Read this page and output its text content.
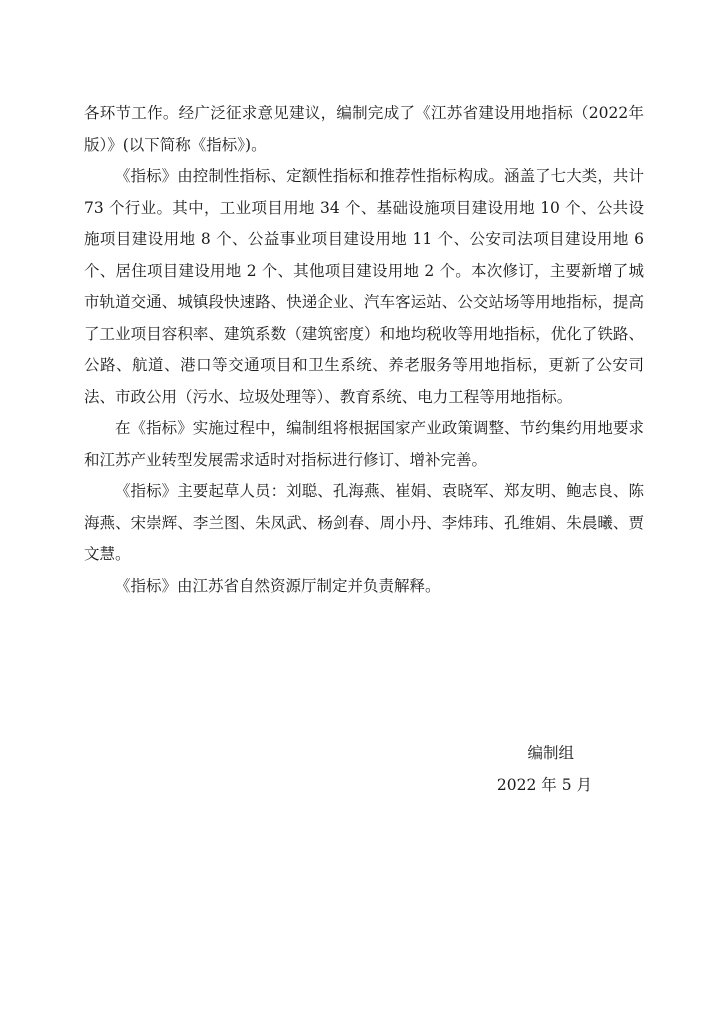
各环节工作。经广泛征求意见建议，编制完成了《江苏省建设用地指标（2022年版）》(以下简称《指标》)。

《指标》由控制性指标、定额性指标和推荐性指标构成。涵盖了七大类，共计 73 个行业。其中，工业项目用地 34 个、基础设施项目建设用地 10 个、公共设施项目建设用地 8 个、公益事业项目建设用地 11 个、公安司法项目建设用地 6 个、居住项目建设用地 2 个、其他项目建设用地 2 个。本次修订，主要新增了城市轨道交通、城镇段快速路、快递企业、汽车客运站、公交站场等用地指标，提高了工业项目容积率、建筑系数（建筑密度）和地均税收等用地指标，优化了铁路、公路、航道、港口等交通项目和卫生系统、养老服务等用地指标，更新了公安司法、市政公用（污水、垃圾处理等）、教育系统、电力工程等用地指标。

在《指标》实施过程中，编制组将根据国家产业政策调整、节约集约用地要求和江苏产业转型发展需求适时对指标进行修订、增补完善。

《指标》主要起草人员：刘聪、孔海燕、崔娟、袁晓军、郑友明、鲍志良、陈海燕、宋崇辉、李兰图、朱凤武、杨剑春、周小丹、李炜玮、孔维娟、朱晨曦、贾文慧。

《指标》由江苏省自然资源厅制定并负责解释。

编制组
2022 年 5 月
